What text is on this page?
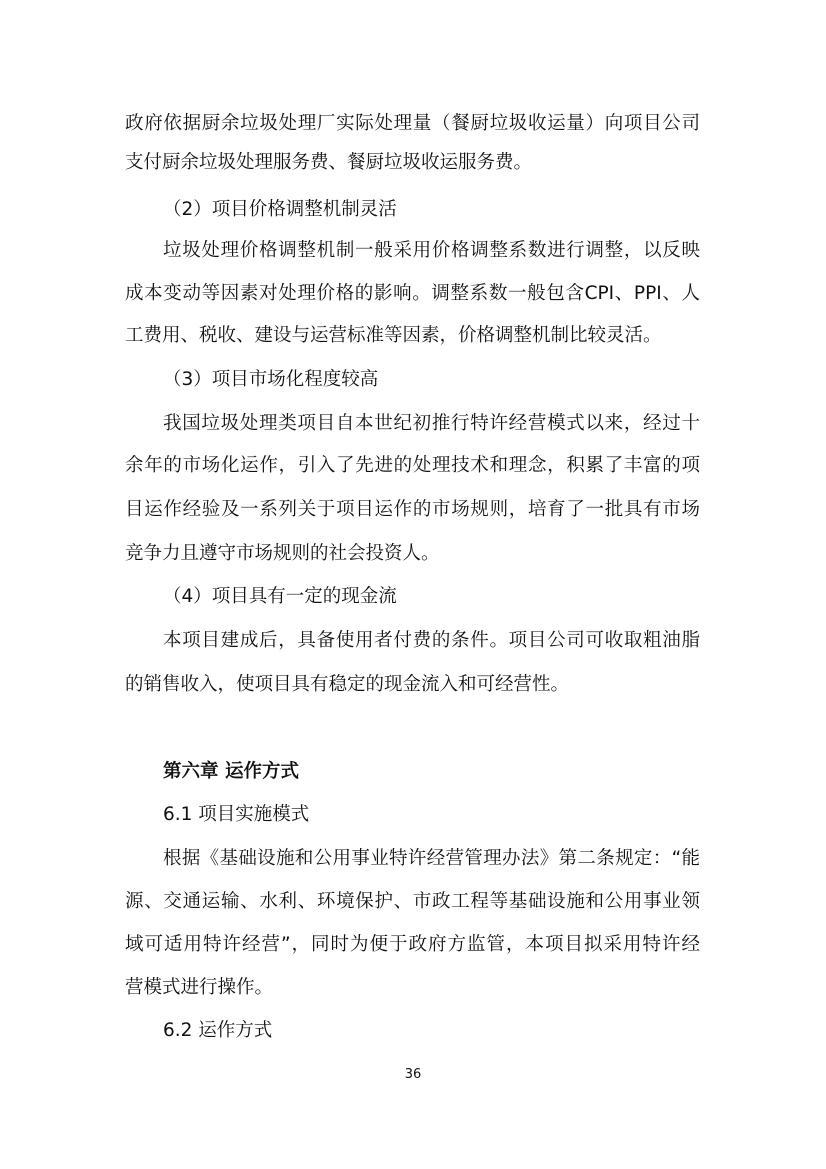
政府依据厨余垃圾处理厂实际处理量（餐厨垃圾收运量）向项目公司
支付厨余垃圾处理服务费、餐厨垃圾收运服务费。
（2）项目价格调整机制灵活
垃圾处理价格调整机制一般采用价格调整系数进行调整，以反映
成本变动等因素对处理价格的影响。调整系数一般包含CPI、PPI、人
工费用、税收、建设与运营标准等因素，价格调整机制比较灵活。
（3）项目市场化程度较高
我国垃圾处理类项目自本世纪初推行特许经营模式以来，经过十
余年的市场化运作，引入了先进的处理技术和理念，积累了丰富的项
目运作经验及一系列关于项目运作的市场规则，培育了一批具有市场
竞争力且遵守市场规则的社会投资人。
（4）项目具有一定的现金流
本项目建成后，具备使用者付费的条件。项目公司可收取粗油脂
的销售收入，使项目具有稳定的现金流入和可经营性。
第六章 运作方式
6.1 项目实施模式
根据《基础设施和公用事业特许经营管理办法》第二条规定：“能
源、交通运输、水利、环境保护、市政工程等基础设施和公用事业领
域可适用特许经营”，同时为便于政府方监管，本项目拟采用特许经
营模式进行操作。
6.2 运作方式
36
